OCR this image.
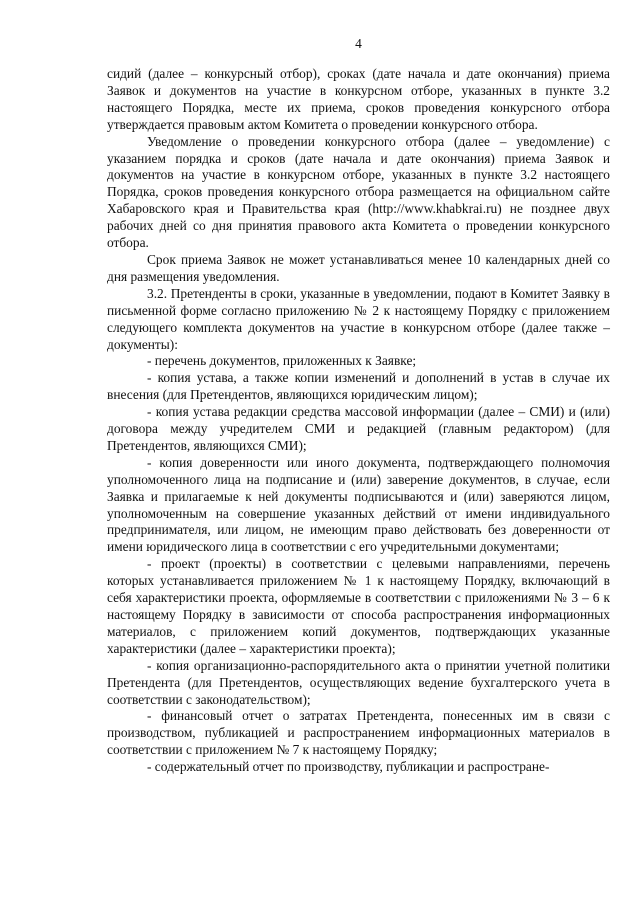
4

сидий (далее – конкурсный отбор), сроках (дате начала и дате окончания) приема Заявок и документов на участие в конкурсном отборе, указанных в пункте 3.2 настоящего Порядка, месте их приема, сроков проведения конкурсного отбора утверждается правовым актом Комитета о проведении конкурсного отбора.

Уведомление о проведении конкурсного отбора (далее – уведомление) с указанием порядка и сроков (дате начала и дате окончания) приема Заявок и документов на участие в конкурсном отборе, указанных в пункте 3.2 настоящего Порядка, сроков проведения конкурсного отбора размещается на официальном сайте Хабаровского края и Правительства края (http://www.khabkrai.ru) не позднее двух рабочих дней со дня принятия правового акта Комитета о проведении конкурсного отбора.

Срок приема Заявок не может устанавливаться менее 10 календарных дней со дня размещения уведомления.

3.2. Претенденты в сроки, указанные в уведомлении, подают в Комитет Заявку в письменной форме согласно приложению № 2 к настоящему Порядку с приложением следующего комплекта документов на участие в конкурсном отборе (далее также – документы):

- перечень документов, приложенных к Заявке;

- копия устава, а также копии изменений и дополнений в устав в случае их внесения (для Претендентов, являющихся юридическим лицом);

- копия устава редакции средства массовой информации (далее – СМИ) и (или) договора между учредителем СМИ и редакцией (главным редактором) (для Претендентов, являющихся СМИ);

- копия доверенности или иного документа, подтверждающего полномочия уполномоченного лица на подписание и (или) заверение документов, в случае, если Заявка и прилагаемые к ней документы подписываются и (или) заверяются лицом, уполномоченным на совершение указанных действий от имени индивидуального предпринимателя, или лицом, не имеющим право действовать без доверенности от имени юридического лица в соответствии с его учредительными документами;

- проект (проекты) в соответствии с целевыми направлениями, перечень которых устанавливается приложением № 1 к настоящему Порядку, включающий в себя характеристики проекта, оформляемые в соответствии с приложениями № 3 – 6 к настоящему Порядку в зависимости от способа распространения информационных материалов, с приложением копий документов, подтверждающих указанные характеристики (далее – характеристики проекта);

- копия организационно-распорядительного акта о принятии учетной политики Претендента (для Претендентов, осуществляющих ведение бухгалтерского учета в соответствии с законодательством);

- финансовый отчет о затратах Претендента, понесенных им в связи с производством, публикацией и распространением информационных материалов в соответствии с приложением № 7 к настоящему Порядку;

- содержательный отчет по производству, публикации и распростране-
